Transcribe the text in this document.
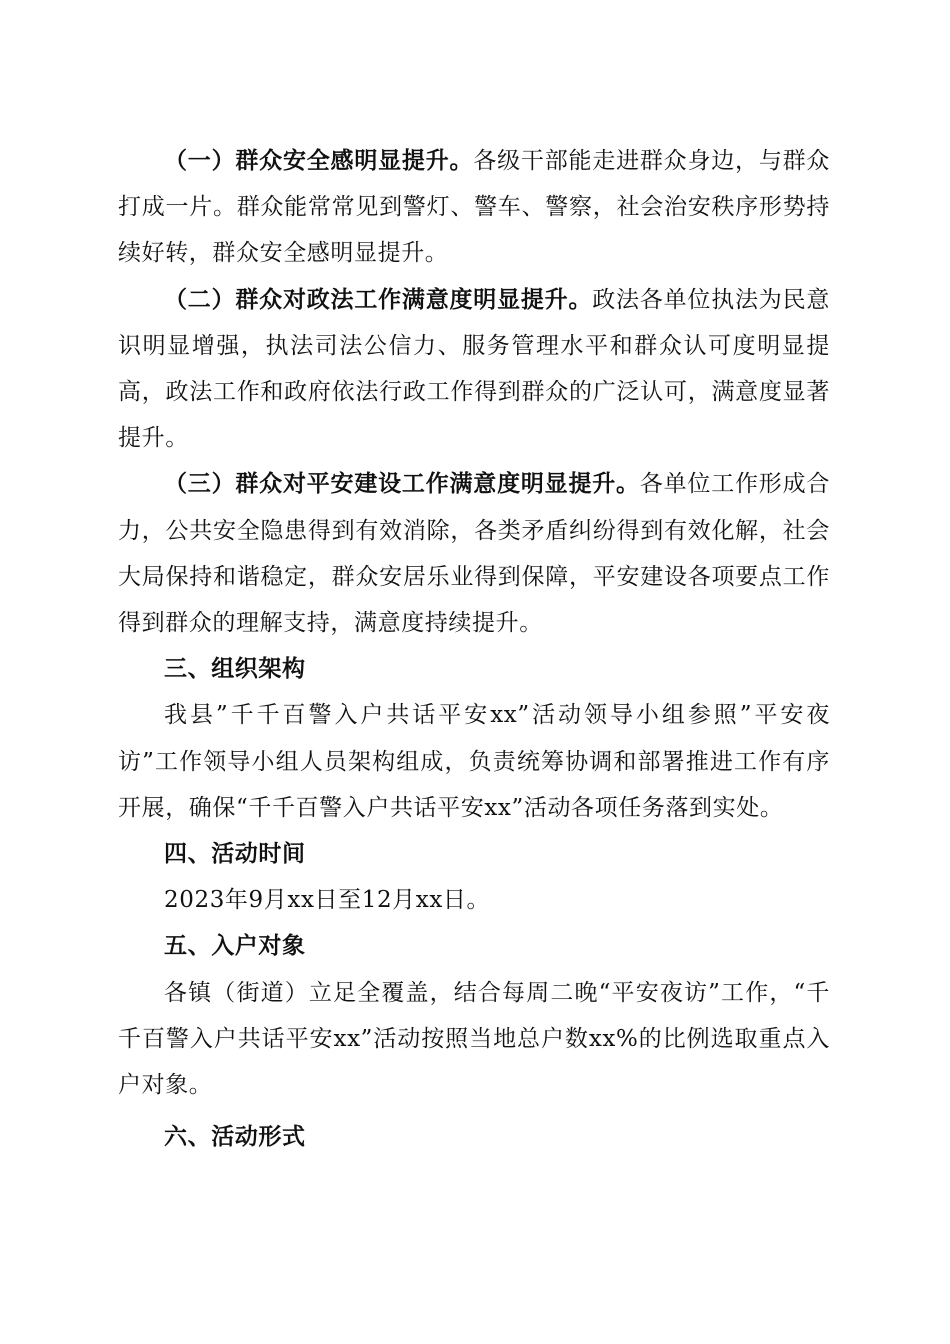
（一）群众安全感明显提升。各级干部能走进群众身边，与群众打成一片。群众能常常见到警灯、警车、警察，社会治安秩序形势持续好转，群众安全感明显提升。

（二）群众对政法工作满意度明显提升。政法各单位执法为民意识明显增强，执法司法公信力、服务管理水平和群众认可度明显提高，政法工作和政府依法行政工作得到群众的广泛认可，满意度显著提升。

（三）群众对平安建设工作满意度明显提升。各单位工作形成合力，公共安全隐患得到有效消除，各类矛盾纠纷得到有效化解，社会大局保持和谐稳定，群众安居乐业得到保障，平安建设各项要点工作得到群众的理解支持，满意度持续提升。

三、组织架构

我县”千千百警入户共话平安xx”活动领导小组参照”平安夜访”工作领导小组人员架构组成，负责统筹协调和部署推进工作有序开展，确保“千千百警入户共话平安xx”活动各项任务落到实处。

四、活动时间

2023年9月xx日至12月xx日。

五、入户对象

各镇（街道）立足全覆盖，结合每周二晚“平安夜访”工作，“千千百警入户共话平安xx”活动按照当地总户数xx%的比例选取重点入户对象。

六、活动形式
